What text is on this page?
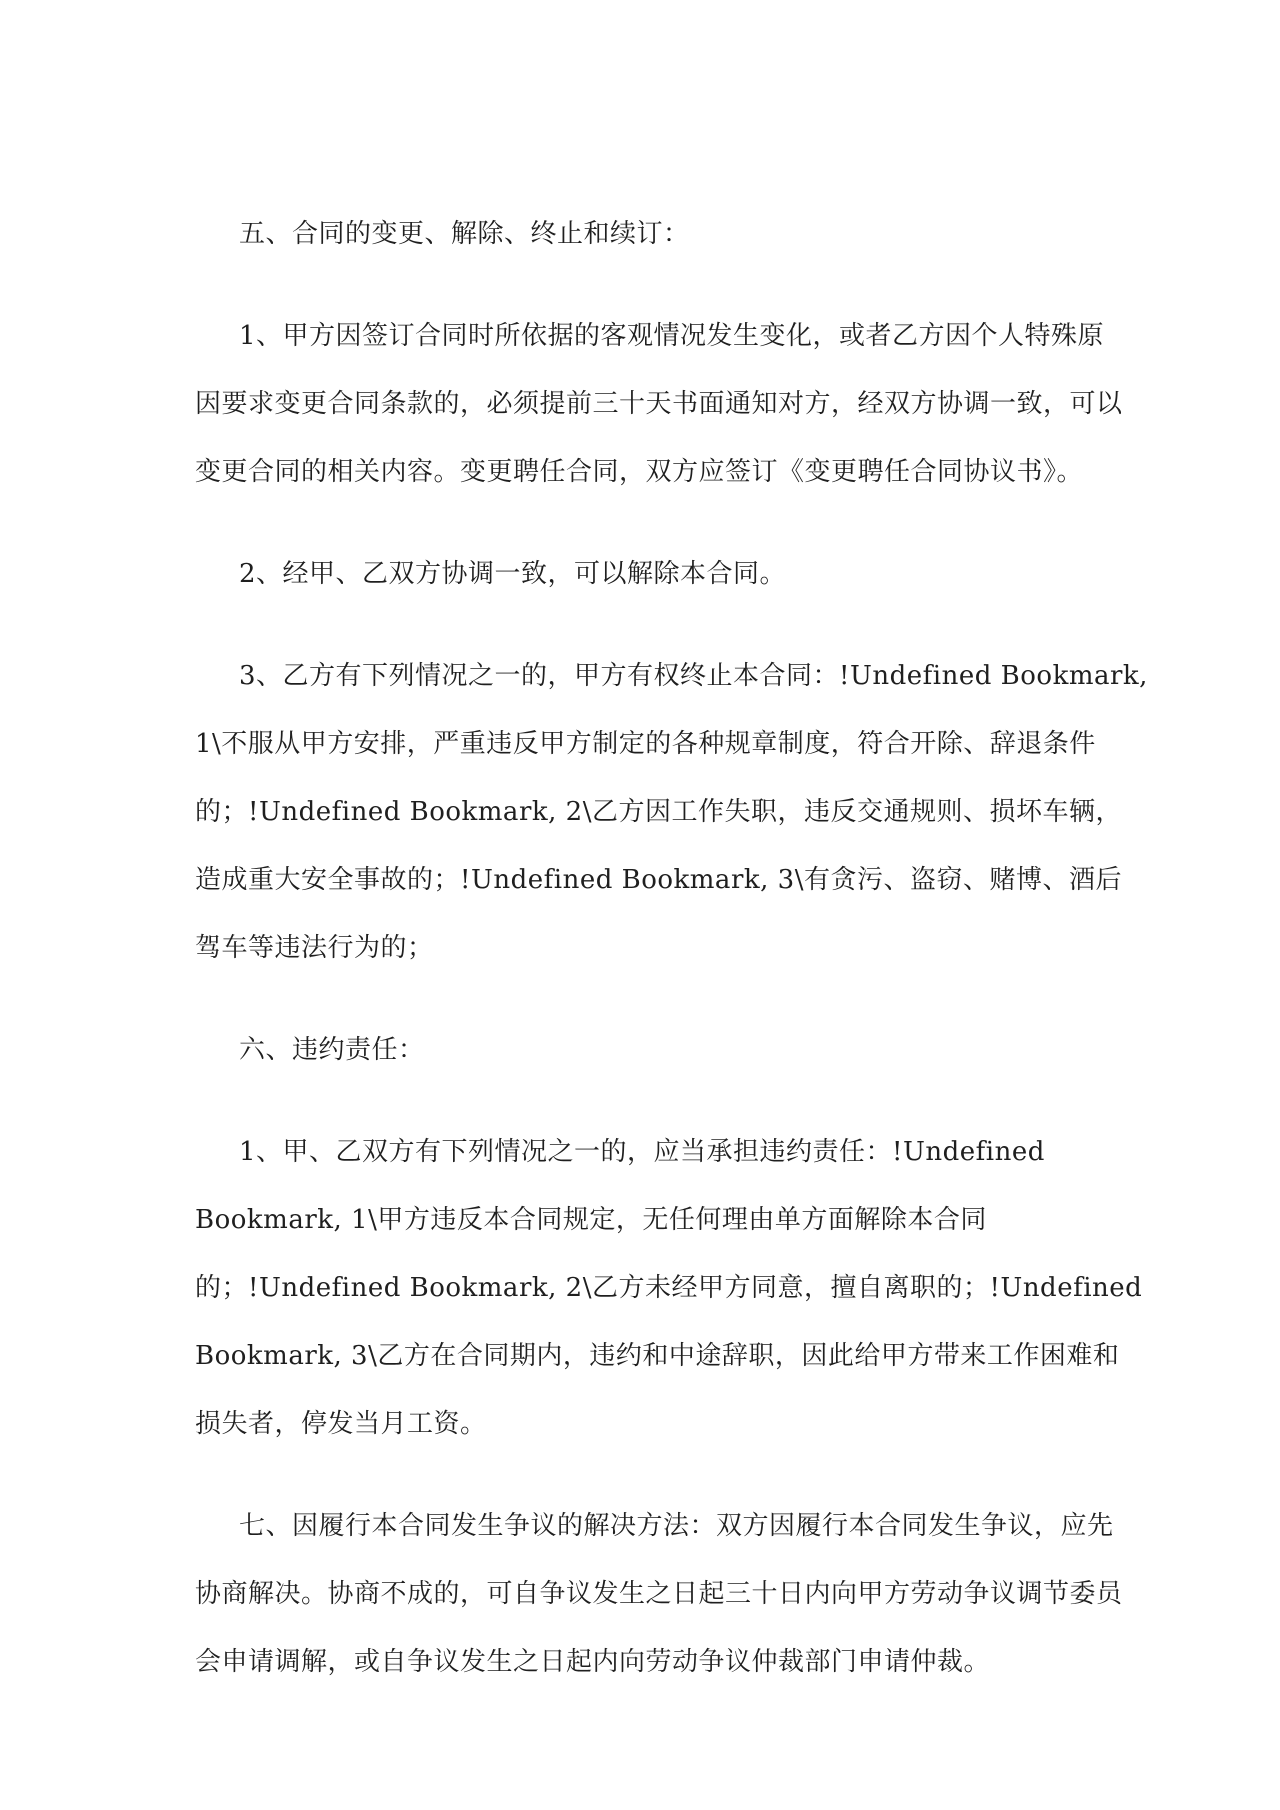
五、合同的变更、解除、终止和续订：
1、甲方因签订合同时所依据的客观情况发生变化，或者乙方因个人特殊原
因要求变更合同条款的，必须提前三十天书面通知对方，经双方协调一致，可以
变更合同的相关内容。变更聘任合同，双方应签订《变更聘任合同协议书》。
2、经甲、乙双方协调一致，可以解除本合同。
3、乙方有下列情况之一的，甲方有权终止本合同：!Undefined Bookmark,
1\不服从甲方安排，严重违反甲方制定的各种规章制度，符合开除、辞退条件
的；!Undefined Bookmark, 2\乙方因工作失职，违反交通规则、损坏车辆，
造成重大安全事故的；!Undefined Bookmark, 3\有贪污、盗窃、赌博、酒后
驾车等违法行为的；
六、违约责任：
1、甲、乙双方有下列情况之一的，应当承担违约责任：!Undefined
Bookmark, 1\甲方违反本合同规定，无任何理由单方面解除本合同
的；!Undefined Bookmark, 2\乙方未经甲方同意，擅自离职的；!Undefined
Bookmark, 3\乙方在合同期内，违约和中途辞职，因此给甲方带来工作困难和
损失者，停发当月工资。
七、因履行本合同发生争议的解决方法：双方因履行本合同发生争议，应先
协商解决。协商不成的，可自争议发生之日起三十日内向甲方劳动争议调节委员
会申请调解，或自争议发生之日起内向劳动争议仲裁部门申请仲裁。
